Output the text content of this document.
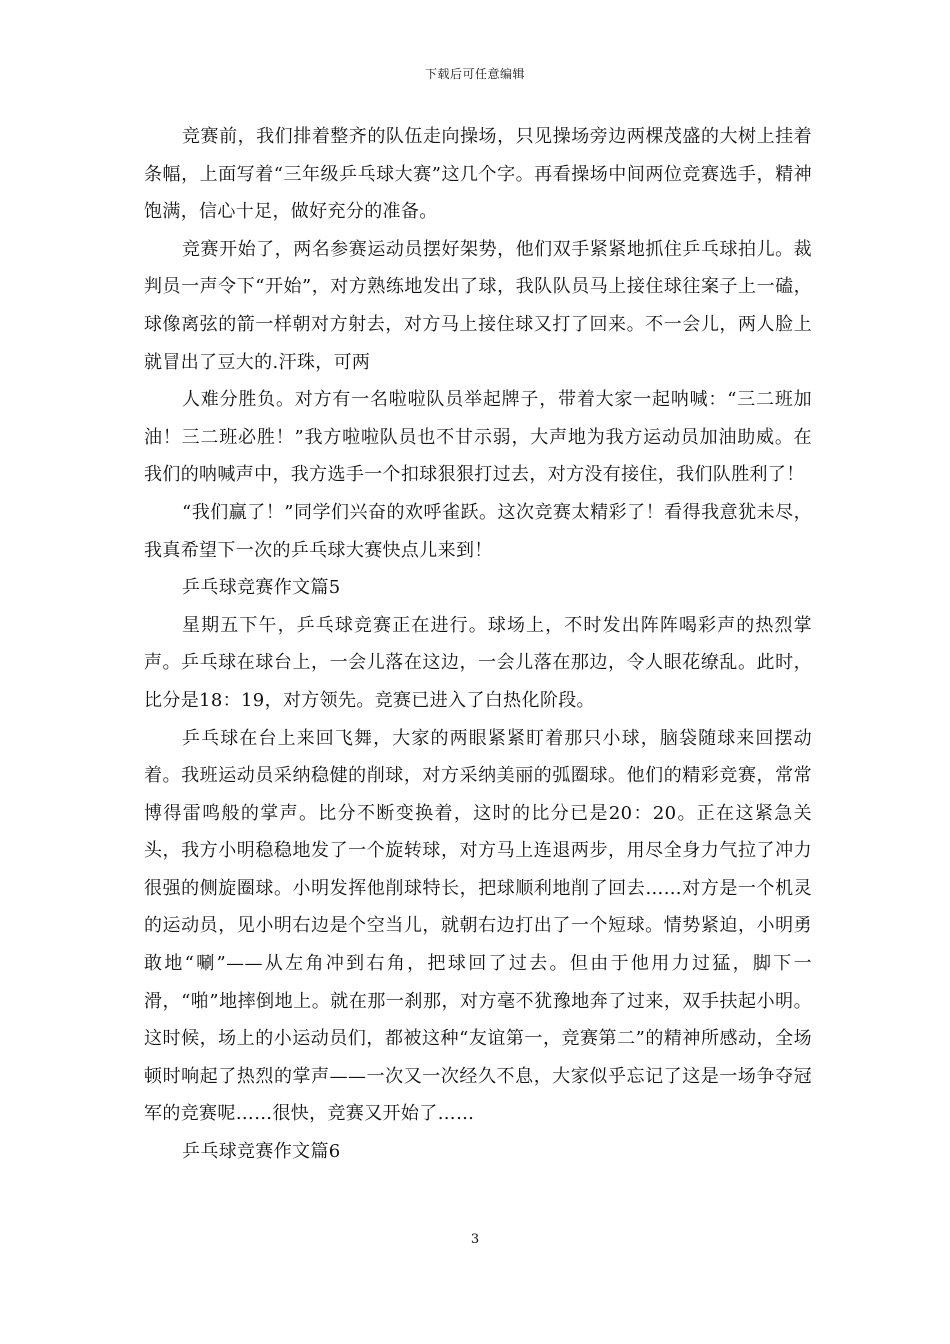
下载后可任意编辑

竞赛前，我们排着整齐的队伍走向操场，只见操场旁边两棵茂盛的大树上挂着条幅，上面写着“三年级乒乓球大赛”这几个字。再看操场中间两位竞赛选手，精神饱满，信心十足，做好充分的准备。

竞赛开始了，两名参赛运动员摆好架势，他们双手紧紧地抓住乒乓球拍儿。裁判员一声令下“开始”，对方熟练地发出了球，我队队员马上接住球往案子上一磕，球像离弦的箭一样朝对方射去，对方马上接住球又打了回来。不一会儿，两人脸上就冒出了豆大的.汗珠，可两

人难分胜负。对方有一名啦啦队员举起牌子，带着大家一起呐喊：“三二班加油！三二班必胜！”我方啦啦队员也不甘示弱，大声地为我方运动员加油助威。在我们的呐喊声中，我方选手一个扣球狠狠打过去，对方没有接住，我们队胜利了！

“我们赢了！”同学们兴奋的欢呼雀跃。这次竞赛太精彩了！看得我意犹未尽，我真希望下一次的乒乓球大赛快点儿来到！

乒乓球竞赛作文篇5

星期五下午，乒乓球竞赛正在进行。球场上，不时发出阵阵喝彩声的热烈掌声。乒乓球在球台上，一会儿落在这边，一会儿落在那边，令人眼花缭乱。此时，比分是18：19，对方领先。竞赛已进入了白热化阶段。

乒乓球在台上来回飞舞，大家的两眼紧紧盯着那只小球，脑袋随球来回摆动着。我班运动员采纳稳健的削球，对方采纳美丽的弧圈球。他们的精彩竞赛，常常博得雷鸣般的掌声。比分不断变换着，这时的比分已是20：20。正在这紧急关头，我方小明稳稳地发了一个旋转球，对方马上连退两步，用尽全身力气拉了冲力很强的侧旋圈球。小明发挥他削球特长，把球顺利地削了回去……对方是一个机灵的运动员，见小明右边是个空当儿，就朝右边打出了一个短球。情势紧迫，小明勇敢地“唰”——从左角冲到右角，把球回了过去。但由于他用力过猛，脚下一滑，“啪”地摔倒地上。就在那一刹那，对方毫不犹豫地奔了过来，双手扶起小明。这时候，场上的小运动员们，都被这种“友谊第一，竞赛第二”的精神所感动，全场顿时响起了热烈的掌声——一次又一次经久不息，大家似乎忘记了这是一场争夺冠军的竞赛呢……很快，竞赛又开始了……

乒乓球竞赛作文篇6

3
